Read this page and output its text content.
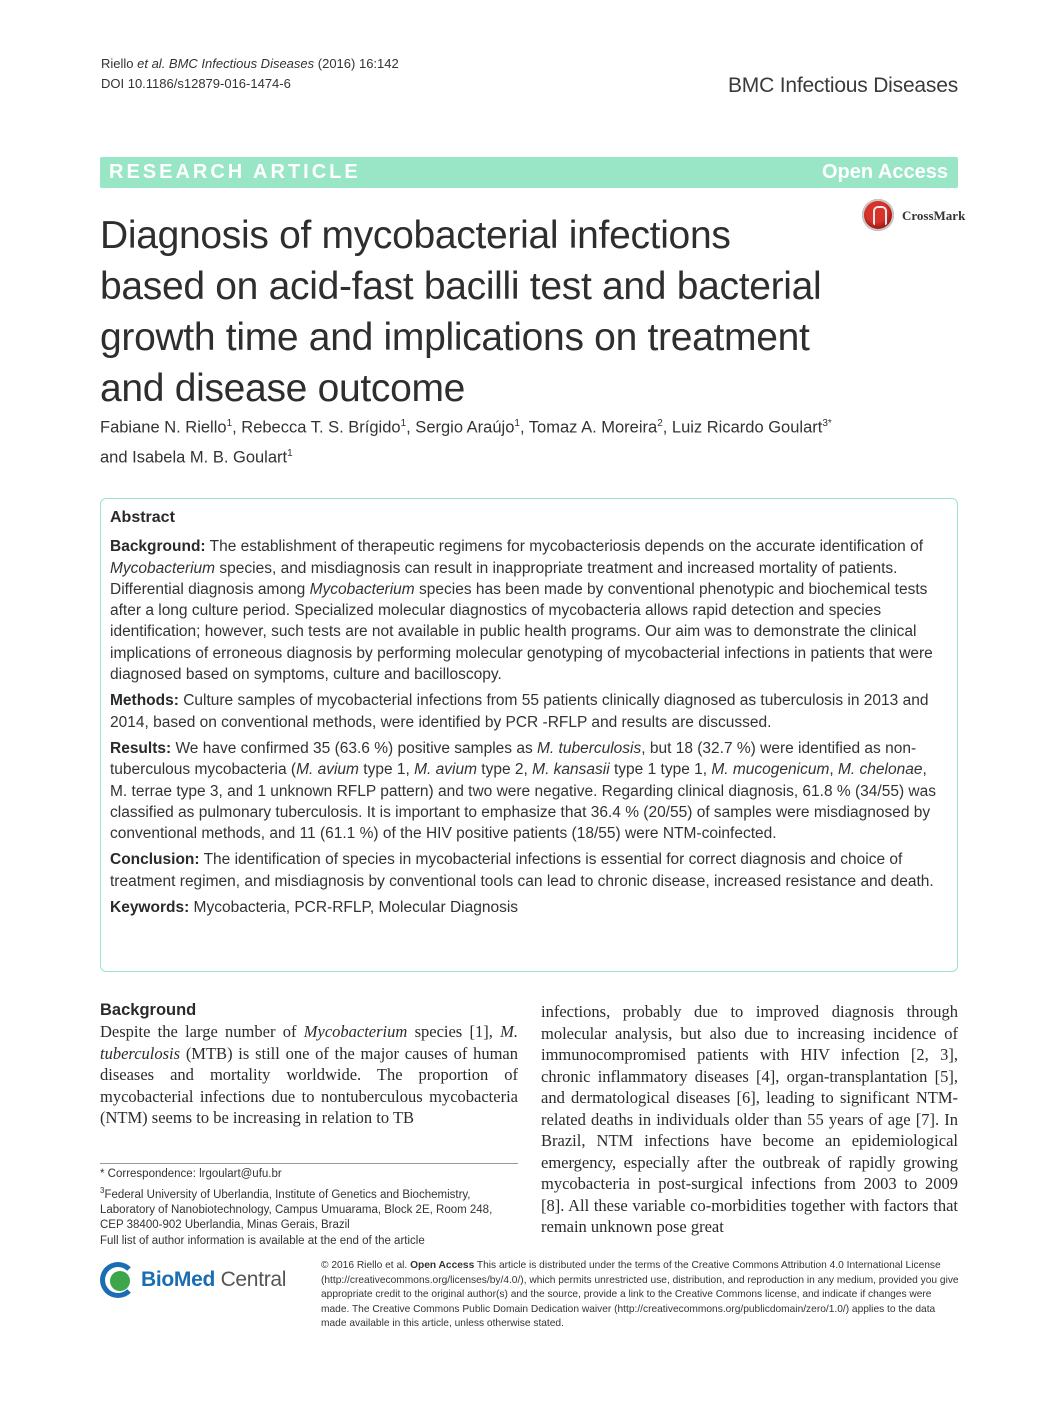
Riello et al. BMC Infectious Diseases (2016) 16:142
DOI 10.1186/s12879-016-1474-6	BMC Infectious Diseases
RESEARCH ARTICLE	Open Access
CrossMark
Diagnosis of mycobacterial infections
based on acid-fast bacilli test and bacterial
growth time and implications on treatment
and disease outcome
Fabiane N. Riello$^1$, Rebecca T. S. Brígido$^1$, Sergio Araújo$^1$, Tomaz A. Moreira$^2$, Luiz Ricardo Goulart$^{3*}$
and Isabela M. B. Goulart$^1$
Abstract

Background: The establishment of therapeutic regimens for mycobacteriosis depends on the accurate identification of Mycobacterium species, and misdiagnosis can result in inappropriate treatment and increased mortality of patients. Differential diagnosis among Mycobacterium species has been made by conventional phenotypic and biochemical tests after a long culture period. Specialized molecular diagnostics of mycobacteria allows rapid detection and species identification; however, such tests are not available in public health programs. Our aim was to demonstrate the clinical implications of erroneous diagnosis by performing molecular genotyping of mycobacterial infections in patients that were diagnosed based on symptoms, culture and bacilloscopy.

Methods: Culture samples of mycobacterial infections from 55 patients clinically diagnosed as tuberculosis in 2013 and 2014, based on conventional methods, were identified by PCR -RFLP and results are discussed.

Results: We have confirmed 35 (63.6 %) positive samples as M. tuberculosis, but 18 (32.7 %) were identified as non-tuberculous mycobacteria (M. avium type 1, M. avium type 2, M. kansasii type 1 type 1, M. mucogenicum, M. chelonae, M. terrae type 3, and 1 unknown RFLP pattern) and two were negative. Regarding clinical diagnosis, 61.8 % (34/55) was classified as pulmonary tuberculosis. It is important to emphasize that 36.4 % (20/55) of samples were misdiagnosed by conventional methods, and 11 (61.1 %) of the HIV positive patients (18/55) were NTM-coinfected.

Conclusion: The identification of species in mycobacterial infections is essential for correct diagnosis and choice of treatment regimen, and misdiagnosis by conventional tools can lead to chronic disease, increased resistance and death.

Keywords: Mycobacteria, PCR-RFLP, Molecular Diagnosis

Background
Despite the large number of Mycobacterium species [1], M. tuberculosis (MTB) is still one of the major causes of human diseases and mortality worldwide. The proportion of mycobacterial infections due to nontuberculous mycobacteria (NTM) seems to be increasing in relation to TB
infections, probably due to improved diagnosis through molecular analysis, but also due to increasing incidence of immunocompromised patients with HIV infection [2, 3], chronic inflammatory diseases [4], organ-transplantation [5], and dermatological diseases [6], leading to significant NTM-related deaths in individuals older than 55 years of age [7]. In Brazil, NTM infections have become an epidemiological emergency, especially after the outbreak of rapidly growing mycobacteria in post-surgical infections from 2003 to 2009 [8]. All these variable co-morbidities together with factors that remain unknown pose great
* Correspondence: lrgoulart@ufu.br
$^3$Federal University of Uberlandia, Institute of Genetics and Biochemistry,
Laboratory of Nanobiotechnology, Campus Umuarama, Block 2E, Room 248,
CEP 38400-902 Uberlandia, Minas Gerais, Brazil
Full list of author information is available at the end of the article
BioMed Central
© 2016 Riello et al. Open Access This article is distributed under the terms of the Creative Commons Attribution 4.0 International License (http://creativecommons.org/licenses/by/4.0/), which permits unrestricted use, distribution, and reproduction in any medium, provided you give appropriate credit to the original author(s) and the source, provide a link to the Creative Commons license, and indicate if changes were made. The Creative Commons Public Domain Dedication waiver (http://creativecommons.org/publicdomain/zero/1.0/) applies to the data made available in this article, unless otherwise stated.
